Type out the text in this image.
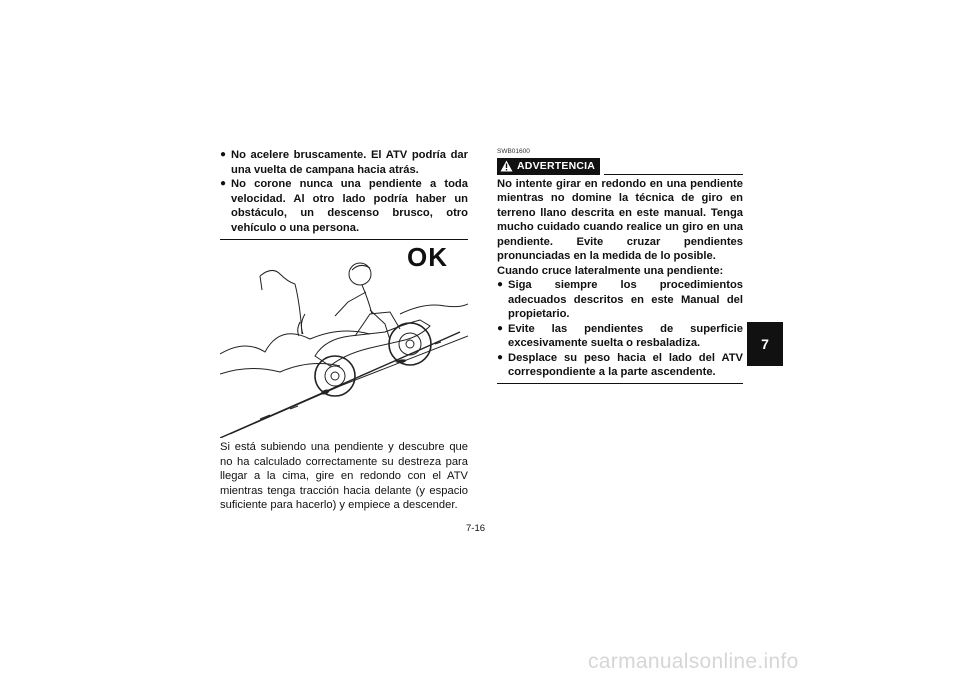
● No acelere bruscamente. El ATV podría dar una vuelta de campana hacia atrás.
● No corone nunca una pendiente a toda velocidad. Al otro lado podría haber un obstáculo, un descenso brusco, otro vehículo o una persona.
OK
Si está subiendo una pendiente y descubre que no ha calculado correctamente su destreza para llegar a la cima, gire en redondo con el ATV mientras tenga tracción hacia delante (y espacio suficiente para hacerlo) y empiece a descender.
SWB01600
ADVERTENCIA
No intente girar en redondo en una pendiente mientras no domine la técnica de giro en terreno llano descrita en este manual. Tenga mucho cuidado cuando realice un giro en una pendiente. Evite cruzar pendientes pronunciadas en la medida de lo posible.
Cuando cruce lateralmente una pendiente:
● Siga siempre los procedimientos adecuados descritos en este Manual del propietario.
● Evite las pendientes de superficie excesivamente suelta o resbaladiza.
● Desplace su peso hacia el lado del ATV correspondiente a la parte ascendente.
7-16
7
carmanualsonline.info
